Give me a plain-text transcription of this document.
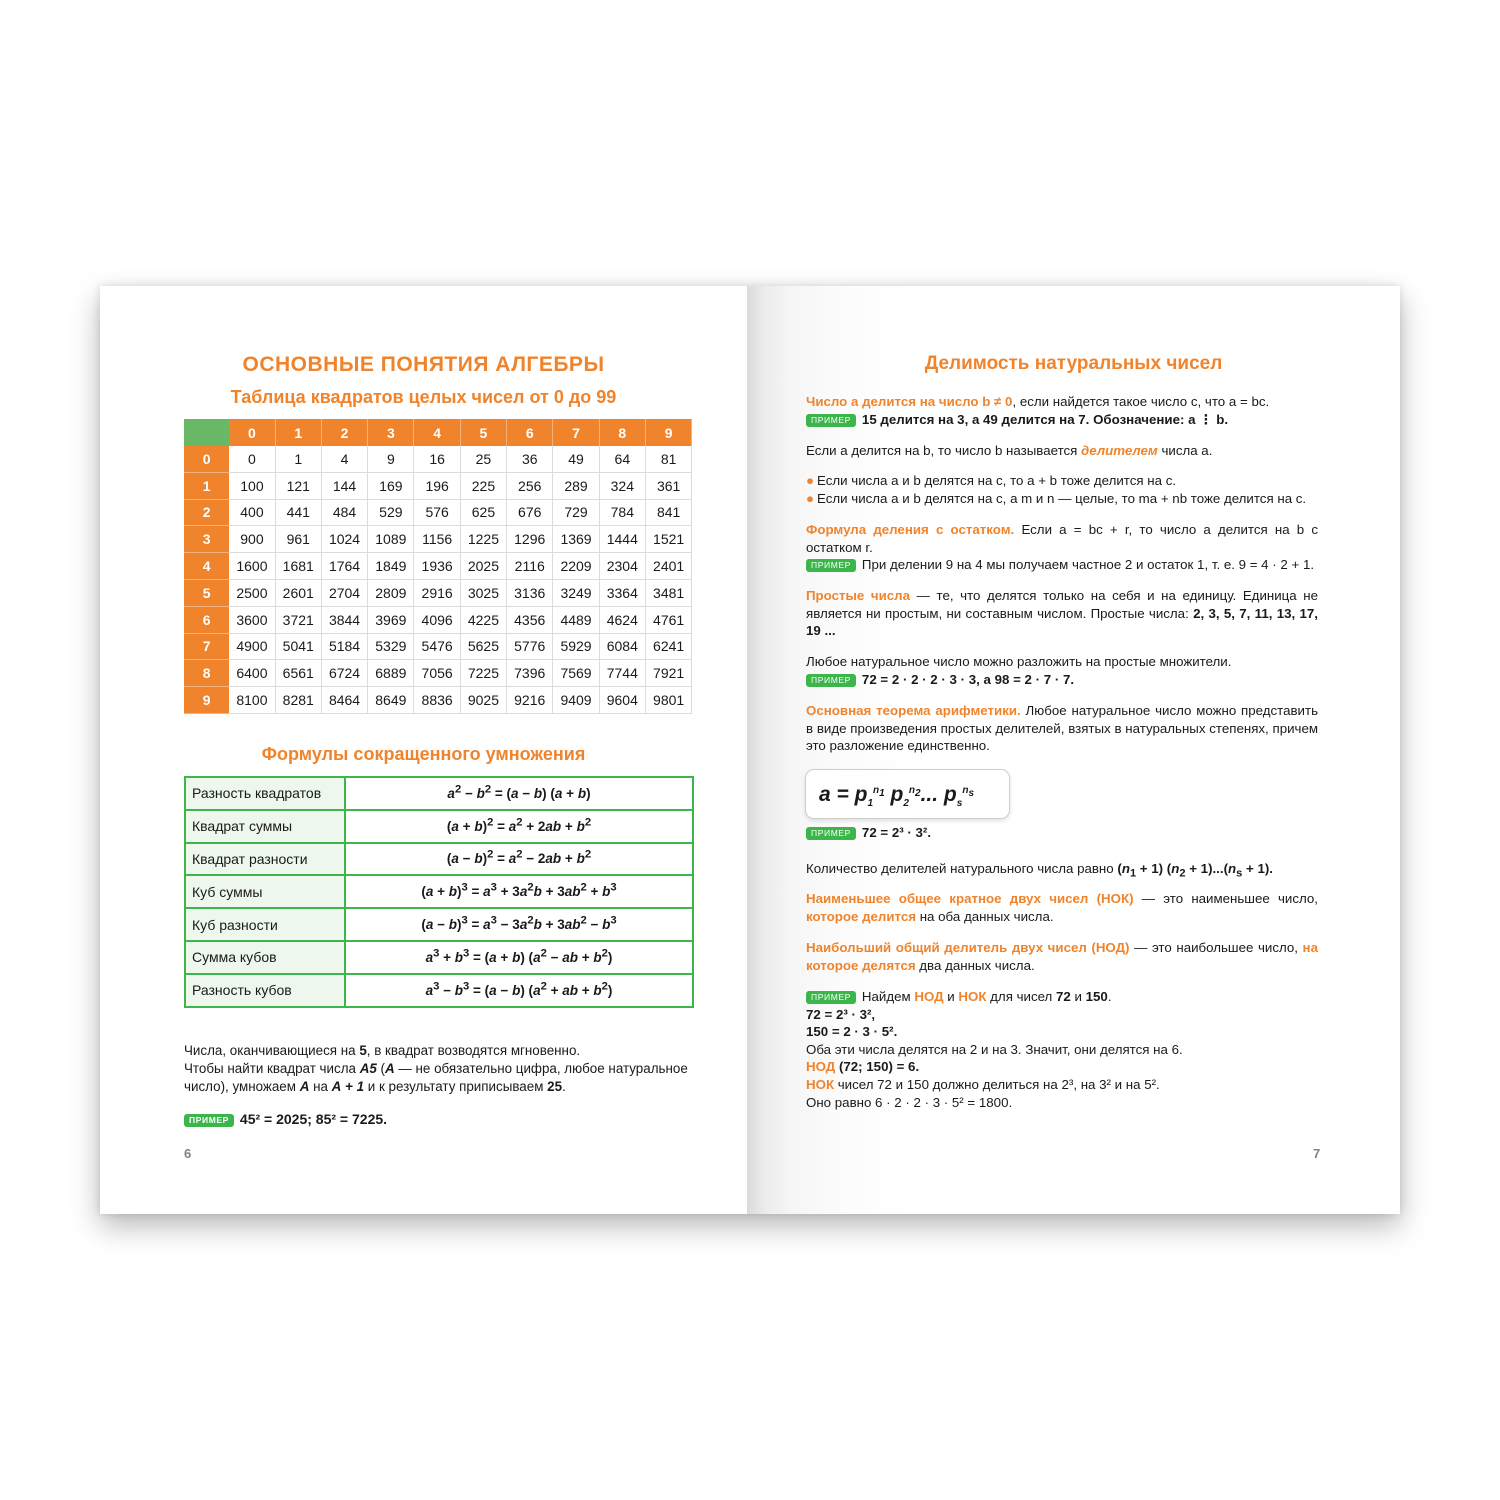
ОСНОВНЫЕ ПОНЯТИЯ АЛГЕБРЫ
Таблица квадратов целых чисел от 0 до 99
	0	1	2	3	4	5	6	7	8	9
0	0	1	4	9	16	25	36	49	64	81
1	100	121	144	169	196	225	256	289	324	361
2	400	441	484	529	576	625	676	729	784	841
3	900	961	1024	1089	1156	1225	1296	1369	1444	1521
4	1600	1681	1764	1849	1936	2025	2116	2209	2304	2401
5	2500	2601	2704	2809	2916	3025	3136	3249	3364	3481
6	3600	3721	3844	3969	4096	4225	4356	4489	4624	4761
7	4900	5041	5184	5329	5476	5625	5776	5929	6084	6241
8	6400	6561	6724	6889	7056	7225	7396	7569	7744	7921
9	8100	8281	8464	8649	8836	9025	9216	9409	9604	9801
Формулы сокращенного умножения
Разность квадратов	$a^2 - b^2 = (a - b) (a + b)$
Квадрат суммы	$(a + b)^2 = a^2 + 2ab + b^2$
Квадрат разности	$(a - b)^2 = a^2 - 2ab + b^2$
Куб суммы	$(a + b)^3 = a^3 + 3a^2b + 3ab^2 + b^3$
Куб разности	$(a - b)^3 = a^3 - 3a^2b + 3ab^2 - b^3$
Сумма кубов	$a^3 + b^3 = (a + b) (a^2$ − ab + $b^2$)
Разность кубов	$a^3 - b^3 = (a - b) (a^2$ + ab + $b^2$)
Числа, оканчивающиеся на 5, в квадрат возводятся мгновенно.
Чтобы найти квадрат числа А5 (А — не обязательно цифра, любое натуральное число), умножаем А на А + 1 и к результату приписываем 25.
ПРИМЕР 45² = 2025; 85² = 7225.
6
Делимость натуральных чисел
Число a делится на число b ≠ 0, если найдется такое число c, что a = bc.
ПРИМЕР 15 делится на 3, а 49 делится на 7. Обозначение: a ⋮ b.
Если a делится на b, то число b называется делителем числа a.
● Если числа a и b делятся на c, то a + b тоже делится на c.
● Если числа a и b делятся на c, а m и n — целые, то ma + nb тоже делится на c.
Формула деления с остатком. Если a = bc + r, то число a делится на b с остатком r.
ПРИМЕР При делении 9 на 4 мы получаем частное 2 и остаток 1, т. е. 9 = 4 · 2 + 1.
Простые числа — те, что делятся только на себя и на единицу. Единица не является ни простым, ни составным числом. Простые числа: 2, 3, 5, 7, 11, 13, 17, 19 ...
Любое натуральное число можно разложить на простые множители.
ПРИМЕР 72 = 2 · 2 · 2 · 3 · 3, а 98 = 2 · 7 · 7.
Основная теорема арифметики. Любое натуральное число можно представить в виде произведения простых делителей, взятых в натуральных степенях, причем это разложение единственно.
$a = p_1^{n_1}$ $p_2^{n_2}$... $p_s^{n_s}$
ПРИМЕР 72 = 2³ · 3².
Количество делителей натурального числа равно $(n_1 + 1) (n_2 + 1)...(n_s + 1)$.
Наименьшее общее кратное двух чисел (НОК) — это наименьшее число, которое делится на оба данных числа.
Наибольший общий делитель двух чисел (НОД) — это наибольшее число, на которое делятся два данных числа.
ПРИМЕР Найдем НОД и НОК для чисел 72 и 150.
72 = 2³ · 3²,
150 = 2 · 3 · 5².
Оба эти числа делятся на 2 и на 3. Значит, они делятся на 6.
НОД (72; 150) = 6.
НОК чисел 72 и 150 должно делиться на 2³, на 3² и на 5².
Оно равно 6 · 2 · 2 · 3 · 5² = 1800.
7
